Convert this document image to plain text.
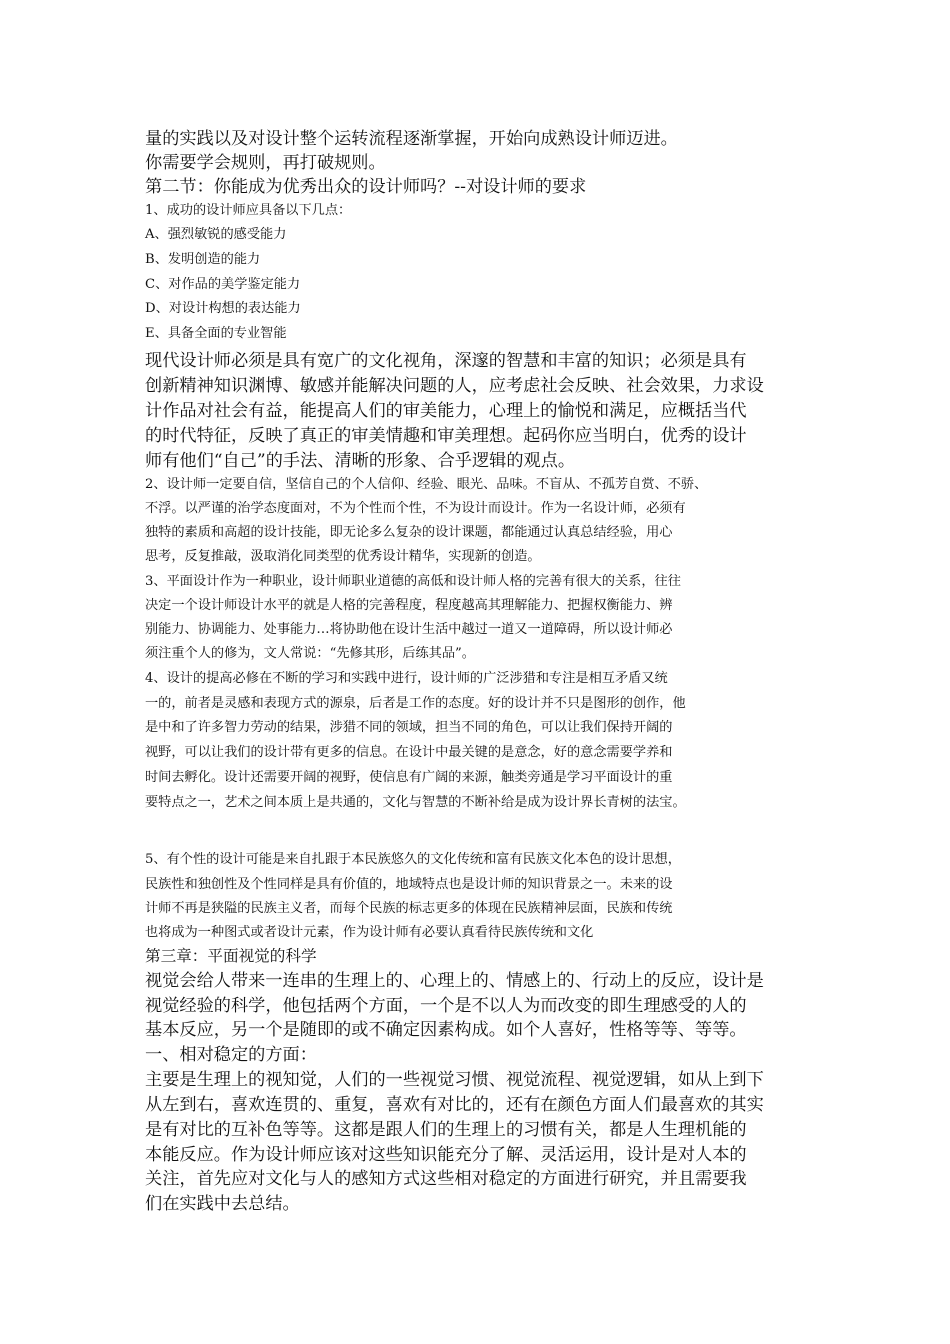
量的实践以及对设计整个运转流程逐渐掌握，开始向成熟设计师迈进。

你需要学会规则，再打破规则。

第二节：你能成为优秀出众的设计师吗？--对设计师的要求

1、成功的设计师应具备以下几点：

A、强烈敏锐的感受能力

B、发明创造的能力

C、对作品的美学鉴定能力

D、对设计构想的表达能力

E、具备全面的专业智能

现代设计师必须是具有宽广的文化视角，深邃的智慧和丰富的知识；必须是具有

创新精神知识渊博、敏感并能解决问题的人，应考虑社会反映、社会效果，力求设

计作品对社会有益，能提高人们的审美能力，心理上的愉悦和满足，应概括当代

的时代特征，反映了真正的审美情趣和审美理想。起码你应当明白，优秀的设计

师有他们“自己”的手法、清晰的形象、合乎逻辑的观点。

2、设计师一定要自信，坚信自己的个人信仰、经验、眼光、品味。不盲从、不孤芳自赏、不骄、

不浮。以严谨的治学态度面对，不为个性而个性，不为设计而设计。作为一名设计师，必须有

独特的素质和高超的设计技能，即无论多么复杂的设计课题，都能通过认真总结经验，用心

思考，反复推敲，汲取消化同类型的优秀设计精华，实现新的创造。

3、平面设计作为一种职业，设计师职业道德的高低和设计师人格的完善有很大的关系，往往

决定一个设计师设计水平的就是人格的完善程度，程度越高其理解能力、把握权衡能力、辨

别能力、协调能力、处事能力…将协助他在设计生活中越过一道又一道障碍，所以设计师必

须注重个人的修为，文人常说：“先修其形，后练其品”。

4、设计的提高必修在不断的学习和实践中进行，设计师的广泛涉猎和专注是相互矛盾又统

一的，前者是灵感和表现方式的源泉，后者是工作的态度。好的设计并不只是图形的创作，他

是中和了许多智力劳动的结果，涉猎不同的领域，担当不同的角色，可以让我们保持开阔的

视野，可以让我们的设计带有更多的信息。在设计中最关键的是意念，好的意念需要学养和

时间去孵化。设计还需要开阔的视野，使信息有广阔的来源，触类旁通是学习平面设计的重

要特点之一，艺术之间本质上是共通的，文化与智慧的不断补给是成为设计界长青树的法宝。

5、有个性的设计可能是来自扎跟于本民族悠久的文化传统和富有民族文化本色的设计思想，

民族性和独创性及个性同样是具有价值的，地域特点也是设计师的知识背景之一。未来的设

计师不再是狭隘的民族主义者，而每个民族的标志更多的体现在民族精神层面，民族和传统

也将成为一种图式或者设计元素，作为设计师有必要认真看待民族传统和文化

第三章：平面视觉的科学

视觉会给人带来一连串的生理上的、心理上的、情感上的、行动上的反应，设计是

视觉经验的科学，他包括两个方面，一个是不以人为而改变的即生理感受的人的

基本反应，另一个是随即的或不确定因素构成。如个人喜好，性格等等、等等。

一、相对稳定的方面：

主要是生理上的视知觉，人们的一些视觉习惯、视觉流程、视觉逻辑，如从上到下

从左到右，喜欢连贯的、重复，喜欢有对比的，还有在颜色方面人们最喜欢的其实

是有对比的互补色等等。这都是跟人们的生理上的习惯有关，都是人生理机能的

本能反应。作为设计师应该对这些知识能充分了解、灵活运用，设计是对人本的

关注，首先应对文化与人的感知方式这些相对稳定的方面进行研究，并且需要我

们在实践中去总结。
